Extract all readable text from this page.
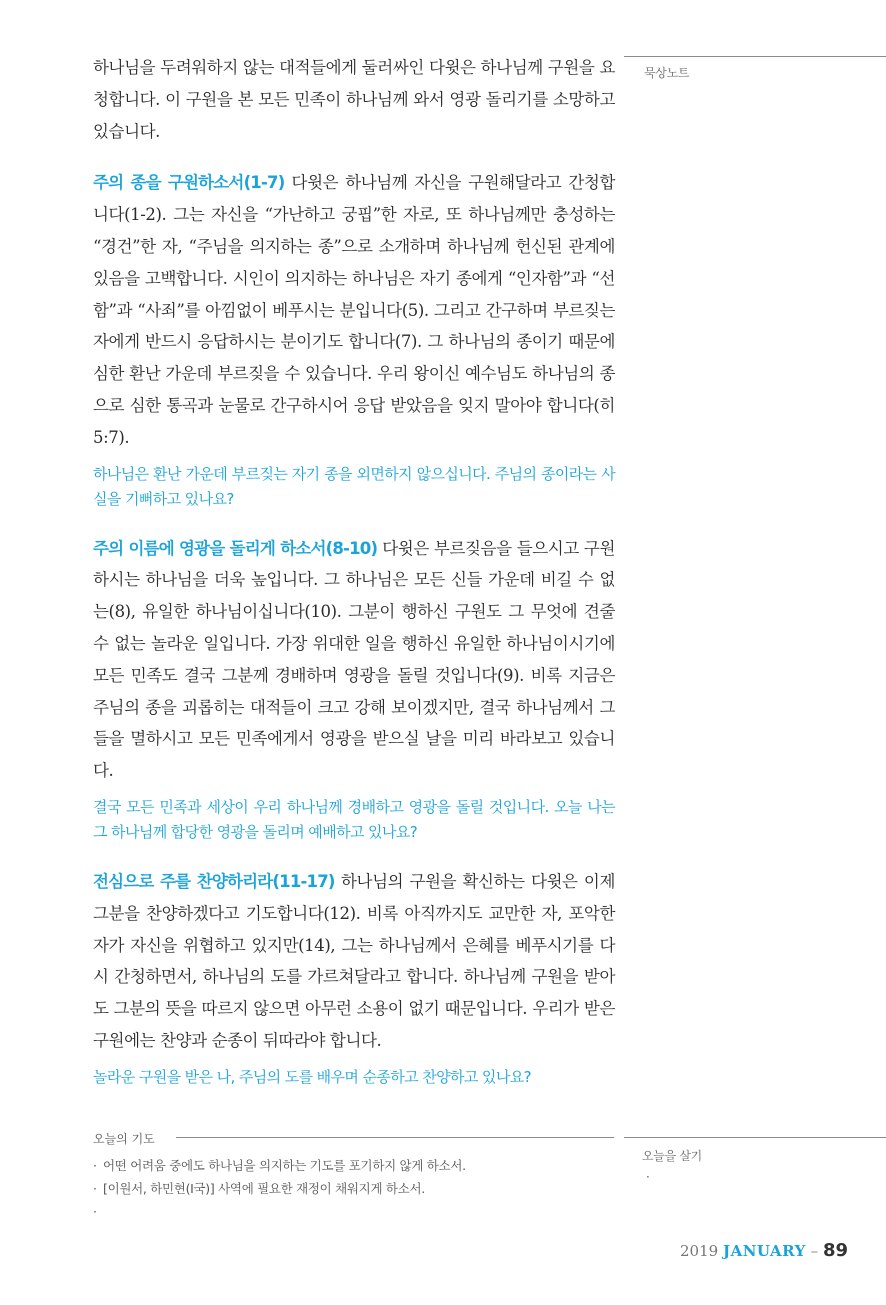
묵상노트

하나님을 두려워하지 않는 대적들에게 둘러싸인 다윗은 하나님께 구원을 요청합니다. 이 구원을 본 모든 민족이 하나님께 와서 영광 돌리기를 소망하고 있습니다.

주의 종을 구원하소서(1-7) 다윗은 하나님께 자신을 구원해달라고 간청합니다(1-2). 그는 자신을 “가난하고 궁핍”한 자로, 또 하나님께만 충성하는 “경건”한 자, “주님을 의지하는 종”으로 소개하며 하나님께 헌신된 관계에 있음을 고백합니다. 시인이 의지하는 하나님은 자기 종에게 “인자함”과 “선함”과 “사죄”를 아낌없이 베푸시는 분입니다(5). 그리고 간구하며 부르짖는 자에게 반드시 응답하시는 분이기도 합니다(7). 그 하나님의 종이기 때문에 심한 환난 가운데 부르짖을 수 있습니다. 우리 왕이신 예수님도 하나님의 종으로 심한 통곡과 눈물로 간구하시어 응답 받았음을 잊지 말아야 합니다(히 5:7).

하나님은 환난 가운데 부르짖는 자기 종을 외면하지 않으십니다. 주님의 종이라는 사실을 기뻐하고 있나요?

주의 이름에 영광을 돌리게 하소서(8-10) 다윗은 부르짖음을 들으시고 구원하시는 하나님을 더욱 높입니다. 그 하나님은 모든 신들 가운데 비길 수 없는(8), 유일한 하나님이십니다(10). 그분이 행하신 구원도 그 무엇에 견줄 수 없는 놀라운 일입니다. 가장 위대한 일을 행하신 유일한 하나님이시기에 모든 민족도 결국 그분께 경배하며 영광을 돌릴 것입니다(9). 비록 지금은 주님의 종을 괴롭히는 대적들이 크고 강해 보이겠지만, 결국 하나님께서 그들을 멸하시고 모든 민족에게서 영광을 받으실 날을 미리 바라보고 있습니다.

결국 모든 민족과 세상이 우리 하나님께 경배하고 영광을 돌릴 것입니다. 오늘 나는 그 하나님께 합당한 영광을 돌리며 예배하고 있나요?

전심으로 주를 찬양하리라(11-17) 하나님의 구원을 확신하는 다윗은 이제 그분을 찬양하겠다고 기도합니다(12). 비록 아직까지도 교만한 자, 포악한 자가 자신을 위협하고 있지만(14), 그는 하나님께서 은혜를 베푸시기를 다시 간청하면서, 하나님의 도를 가르쳐달라고 합니다. 하나님께 구원을 받아도 그분의 뜻을 따르지 않으면 아무런 소용이 없기 때문입니다. 우리가 받은 구원에는 찬양과 순종이 뒤따라야 합니다.

놀라운 구원을 받은 나, 주님의 도를 배우며 순종하고 찬양하고 있나요?

오늘의 기도
· 어떤 어려움 중에도 하나님을 의지하는 기도를 포기하지 않게 하소서.
· [이원서, 하민현(I국)] 사역에 필요한 재정이 채워지게 하소서.
오늘을 살기
·
2019 JANUARY – 89
